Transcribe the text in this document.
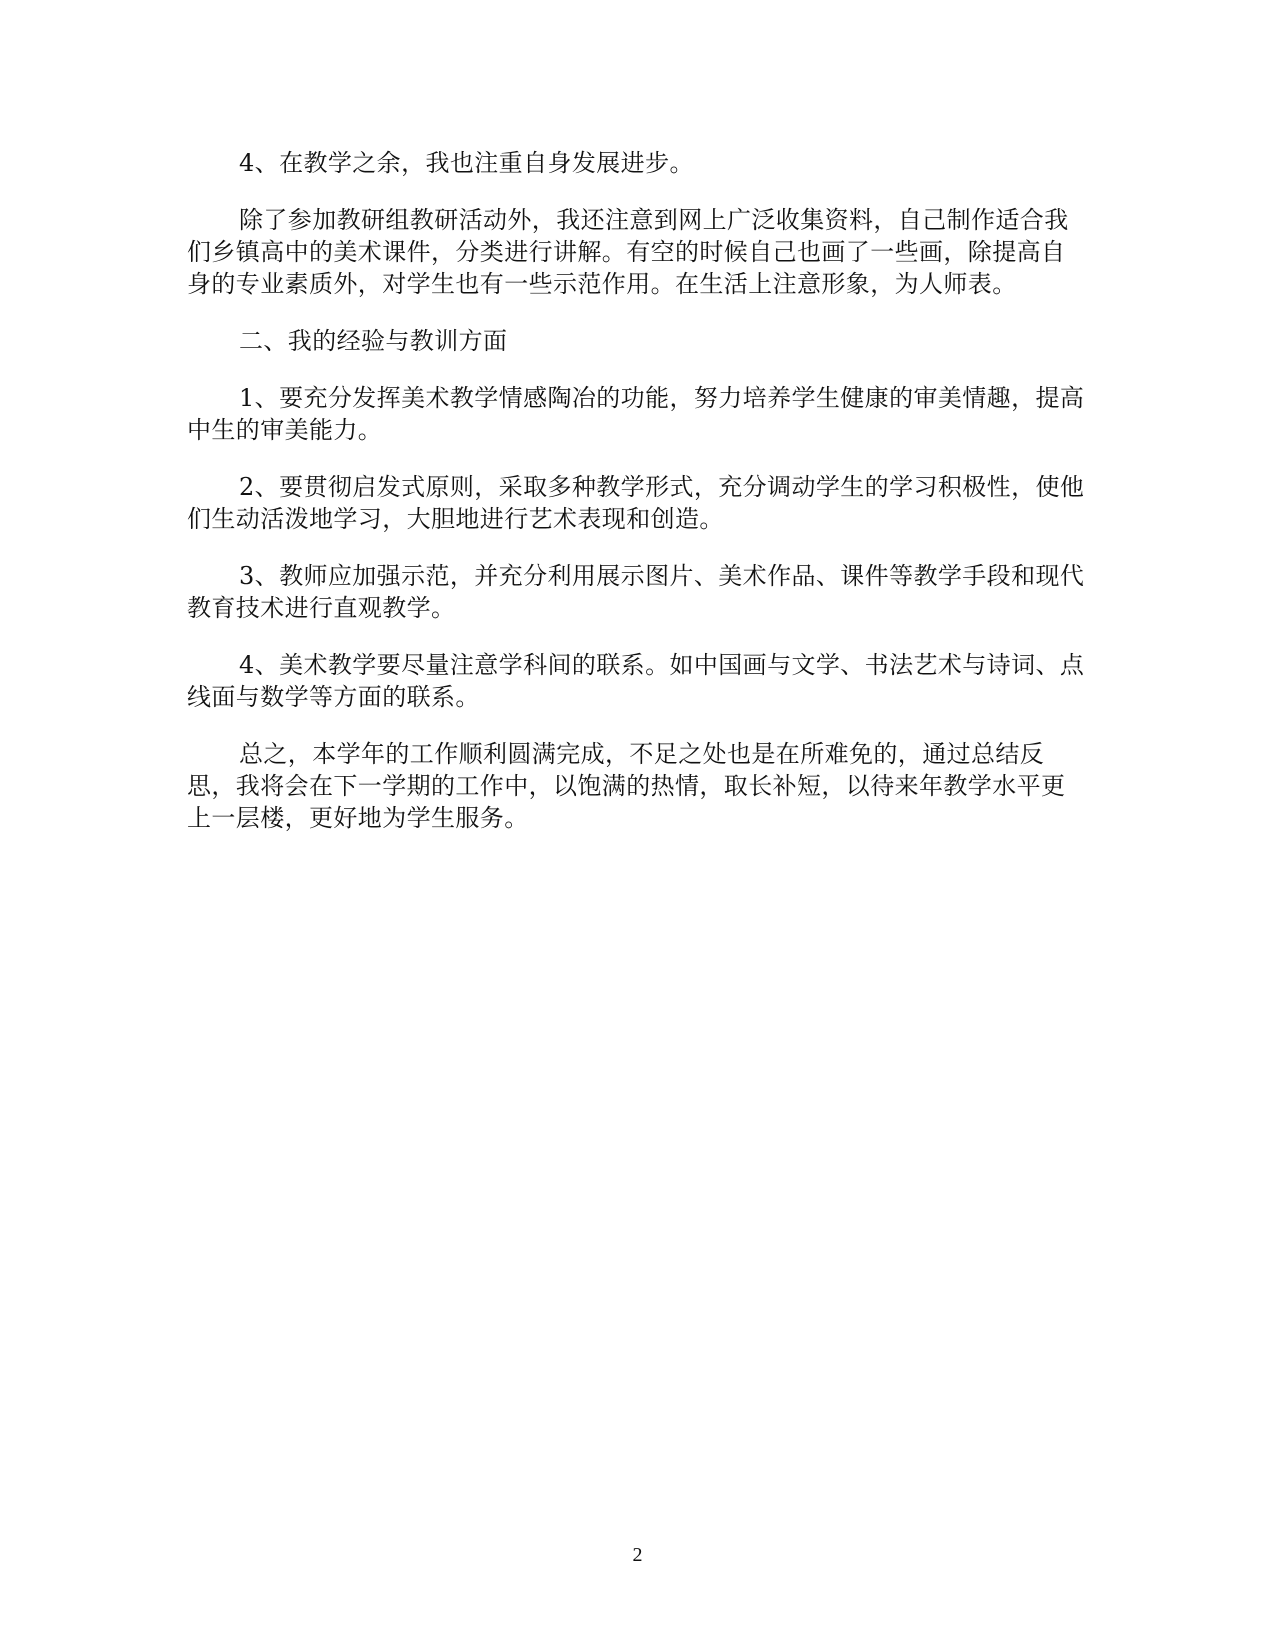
4、在教学之余，我也注重自身发展进步。

除了参加教研组教研活动外，我还注意到网上广泛收集资料，自己制作适合我们乡镇高中的美术课件，分类进行讲解。有空的时候自己也画了一些画，除提高自身的专业素质外，对学生也有一些示范作用。在生活上注意形象，为人师表。

二、我的经验与教训方面

1、要充分发挥美术教学情感陶冶的功能，努力培养学生健康的审美情趣，提高中生的审美能力。

2、要贯彻启发式原则，采取多种教学形式，充分调动学生的学习积极性，使他们生动活泼地学习，大胆地进行艺术表现和创造。

3、教师应加强示范，并充分利用展示图片、美术作品、课件等教学手段和现代教育技术进行直观教学。

4、美术教学要尽量注意学科间的联系。如中国画与文学、书法艺术与诗词、点线面与数学等方面的联系。

总之，本学年的工作顺利圆满完成，不足之处也是在所难免的，通过总结反思，我将会在下一学期的工作中，以饱满的热情，取长补短，以待来年教学水平更上一层楼，更好地为学生服务。

2
